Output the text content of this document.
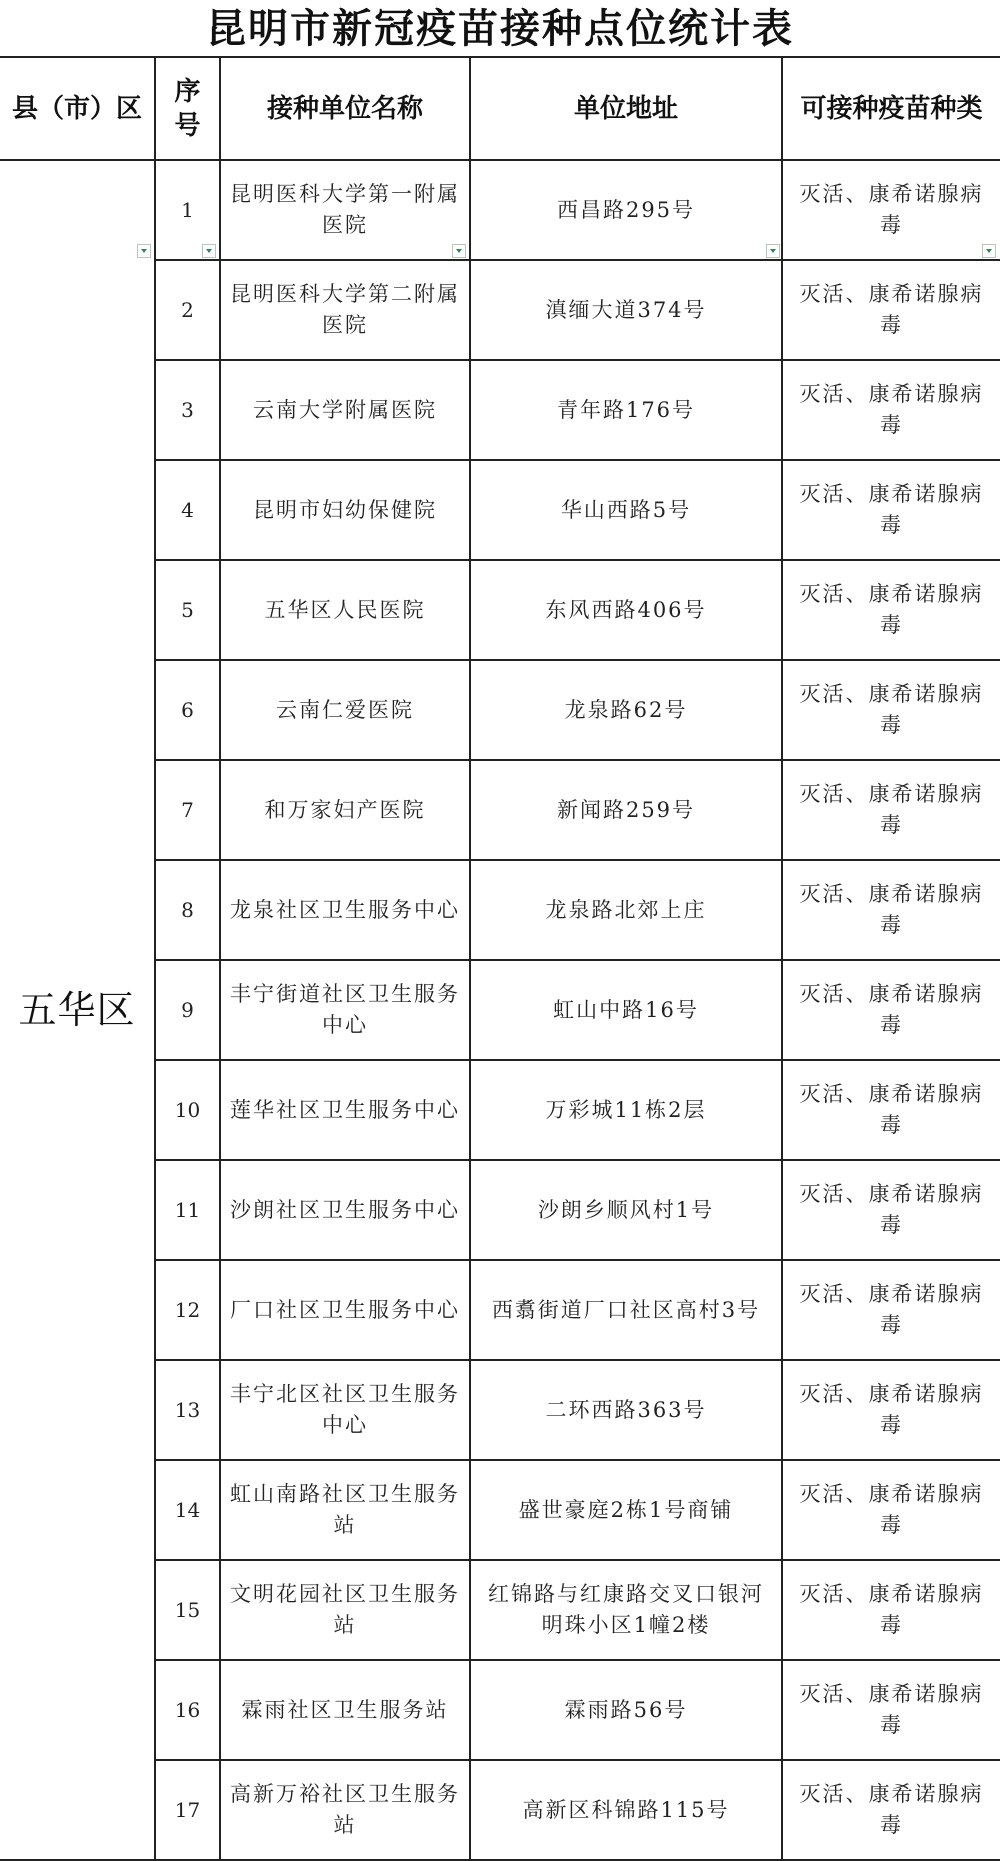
昆明市新冠疫苗接种点位统计表
县（市）区	序号	接种单位名称	单位地址	可接种疫苗种类
五华区	1	昆明医科大学第一附属医院	西昌路295号	灭活、康希诺腺病毒
	2	昆明医科大学第二附属医院	滇缅大道374号	灭活、康希诺腺病毒
	3	云南大学附属医院	青年路176号	灭活、康希诺腺病毒
	4	昆明市妇幼保健院	华山西路5号	灭活、康希诺腺病毒
	5	五华区人民医院	东风西路406号	灭活、康希诺腺病毒
	6	云南仁爱医院	龙泉路62号	灭活、康希诺腺病毒
	7	和万家妇产医院	新闻路259号	灭活、康希诺腺病毒
	8	龙泉社区卫生服务中心	龙泉路北郊上庄	灭活、康希诺腺病毒
	9	丰宁街道社区卫生服务中心	虹山中路16号	灭活、康希诺腺病毒
	10	莲华社区卫生服务中心	万彩城11栋2层	灭活、康希诺腺病毒
	11	沙朗社区卫生服务中心	沙朗乡顺风村1号	灭活、康希诺腺病毒
	12	厂口社区卫生服务中心	西翥街道厂口社区高村3号	灭活、康希诺腺病毒
	13	丰宁北区社区卫生服务中心	二环西路363号	灭活、康希诺腺病毒
	14	虹山南路社区卫生服务站	盛世豪庭2栋1号商铺	灭活、康希诺腺病毒
	15	文明花园社区卫生服务站	红锦路与红康路交叉口银河明珠小区1幢2楼	灭活、康希诺腺病毒
	16	霖雨社区卫生服务站	霖雨路56号	灭活、康希诺腺病毒
	17	高新万裕社区卫生服务站	高新区科锦路115号	灭活、康希诺腺病毒
